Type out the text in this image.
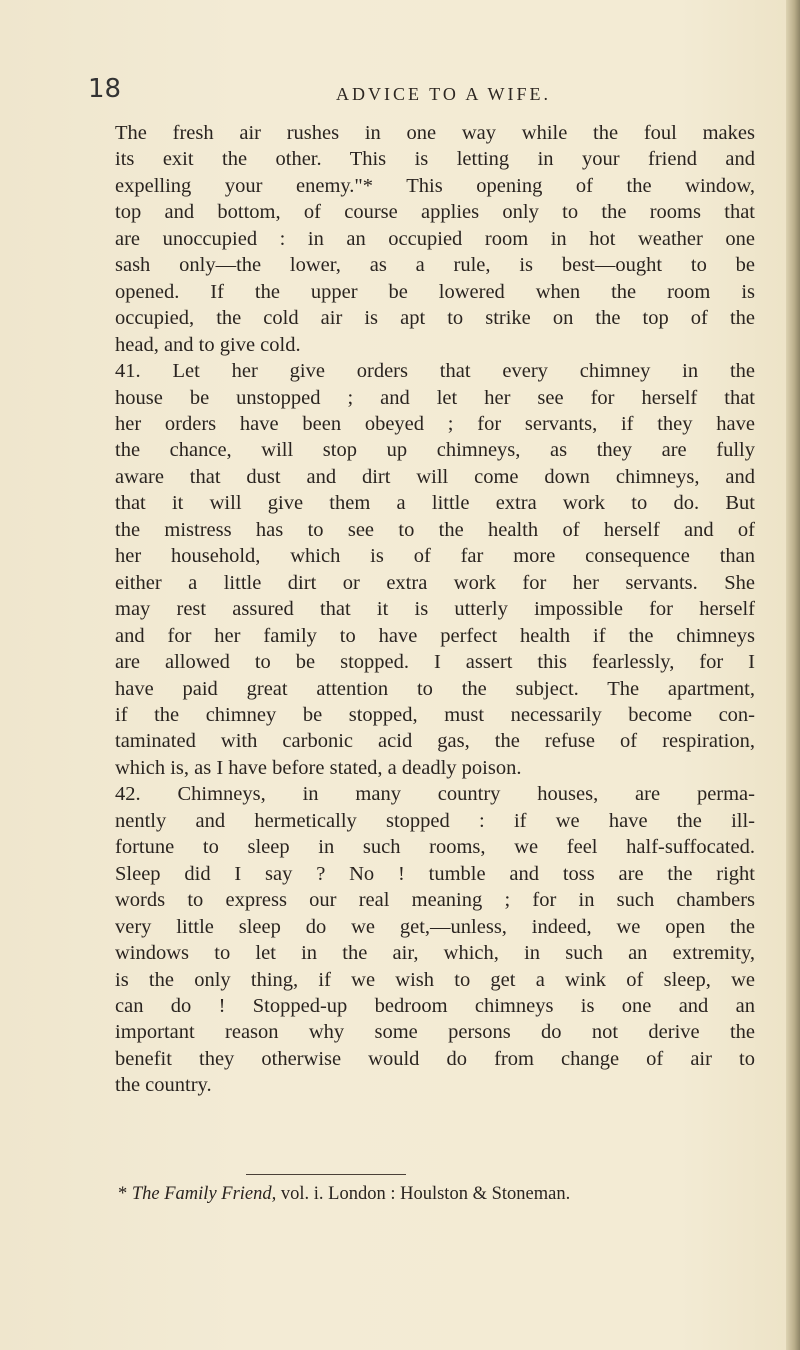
18	ADVICE TO A WIFE.
The fresh air rushes in one way while the foul makes
its exit the other. This is letting in your friend and
expelling your enemy."* This opening of the window,
top and bottom, of course applies only to the rooms that
are unoccupied : in an occupied room in hot weather one
sash only—the lower, as a rule, is best—ought to be
opened. If the upper be lowered when the room is
occupied, the cold air is apt to strike on the top of the
head, and to give cold.
41. Let her give orders that every chimney in the
house be unstopped ; and let her see for herself that
her orders have been obeyed ; for servants, if they have
the chance, will stop up chimneys, as they are fully
aware that dust and dirt will come down chimneys, and
that it will give them a little extra work to do. But
the mistress has to see to the health of herself and of
her household, which is of far more consequence than
either a little dirt or extra work for her servants. She
may rest assured that it is utterly impossible for herself
and for her family to have perfect health if the chimneys
are allowed to be stopped. I assert this fearlessly, for I
have paid great attention to the subject. The apartment,
if the chimney be stopped, must necessarily become con-
taminated with carbonic acid gas, the refuse of respiration,
which is, as I have before stated, a deadly poison.
42. Chimneys, in many country houses, are perma-
nently and hermetically stopped : if we have the ill-
fortune to sleep in such rooms, we feel half-suffocated.
Sleep did I say ? No ! tumble and toss are the right
words to express our real meaning ; for in such chambers
very little sleep do we get,—unless, indeed, we open the
windows to let in the air, which, in such an extremity,
is the only thing, if we wish to get a wink of sleep, we
can do ! Stopped-up bedroom chimneys is one and an
important reason why some persons do not derive the
benefit they otherwise would do from change of air to
the country.
* The Family Friend, vol. i. London : Houlston & Stoneman.
